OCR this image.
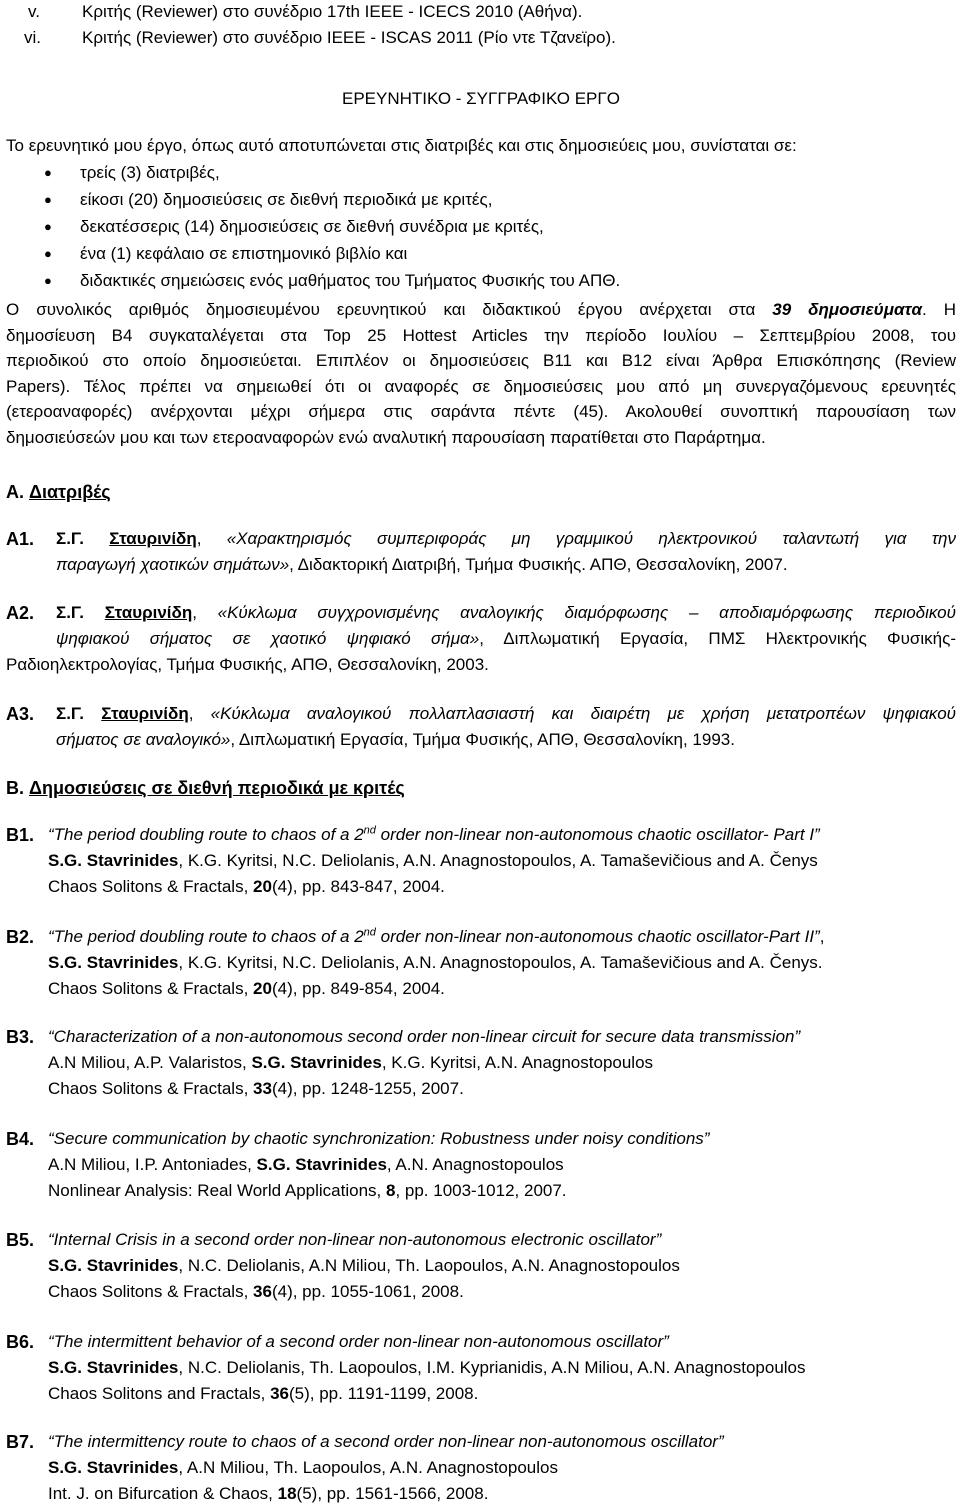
v.	Κριτής (Reviewer) στο συνέδριο 17th IEEE - ICECS 2010 (Αθήνα).
vi.	Κριτής (Reviewer) στο συνέδριο IEEE - ISCAS 2011 (Ρίο ντε Τζανεϊρο).
ΕΡΕΥΝΗΤΙΚΟ - ΣΥΓΓΡΑΦΙΚΟ ΕΡΓΟ
Το ερευνητικό μου έργο, όπως αυτό αποτυπώνεται στις διατριβές και στις δημοσιεύεις μου, συνίσταται σε:
● τρείς (3) διατριβές,
● είκοσι (20) δημοσιεύσεις σε διεθνή περιοδικά με κριτές,
● δεκατέσσερις (14) δημοσιεύσεις σε διεθνή συνέδρια με κριτές,
● ένα (1) κεφάλαιο σε επιστημονικό βιβλίο και
● διδακτικές σημειώσεις ενός μαθήματος του Τμήματος Φυσικής του ΑΠΘ.
Ο συνολικός αριθμός δημοσιευμένου ερευνητικού και διδακτικού έργου ανέρχεται στα 39 δημοσιεύματα. Η
δημοσίευση Β4 συγκαταλέγεται στα Top 25 Hottest Articles την περίοδο Ιουλίου – Σεπτεμβρίου 2008, του
περιοδικού στο οποίο δημοσιεύεται. Επιπλέον οι δημοσιεύσεις Β11 και Β12 είναι Άρθρα Επισκόπησης (Review
Papers). Τέλος πρέπει να σημειωθεί ότι οι αναφορές σε δημοσιεύσεις μου από μη συνεργαζόμενους ερευνητές
(ετεροαναφορές) ανέρχονται μέχρι σήμερα στις σαράντα πέντε (45). Ακολουθεί συνοπτική παρουσίαση των
δημοσιεύσεών μου και των ετεροαναφορών ενώ αναλυτική παρουσίαση παρατίθεται στο Παράρτημα.
Α. Διατριβές
Α1. Σ.Γ. Σταυρινίδη, «Χαρακτηρισμός συμπεριφοράς μη γραμμικού ηλεκτρονικού ταλαντωτή για την
παραγωγή χαοτικών σημάτων», Διδακτορική Διατριβή, Τμήμα Φυσικής. ΑΠΘ, Θεσσαλονίκη, 2007.
Α2. Σ.Γ. Σταυρινίδη, «Κύκλωμα συγχρονισμένης αναλογικής διαμόρφωσης – αποδιαμόρφωσης περιοδικού
ψηφιακού σήματος σε χαοτικό ψηφιακό σήμα», Διπλωματική Εργασία, ΠΜΣ Ηλεκτρονικής Φυσικής-
Ραδιοηλεκτρολογίας, Τμήμα Φυσικής, ΑΠΘ, Θεσσαλονίκη, 2003.
Α3. Σ.Γ. Σταυρινίδη, «Κύκλωμα αναλογικού πολλαπλασιαστή και διαιρέτη με χρήση μετατροπέων ψηφιακού
σήματος σε αναλογικό», Διπλωματική Εργασία, Τμήμα Φυσικής, ΑΠΘ, Θεσσαλονίκη, 1993.
Β. Δημοσιεύσεις σε διεθνή περιοδικά με κριτές
Β1. “The period doubling route to chaos of a 2nd order non-linear non-autonomous chaotic oscillator- Part I”
S.G. Stavrinides, K.G. Kyritsi, N.C. Deliolanis, A.N. Anagnostopoulos, A. Tamaševičious and A. Čenys
Chaos Solitons & Fractals, 20(4), pp. 843-847, 2004.
Β2. “The period doubling route to chaos of a 2nd order non-linear non-autonomous chaotic oscillator-Part II”,
S.G. Stavrinides, K.G. Kyritsi, N.C. Deliolanis, A.N. Anagnostopoulos, A. Tamaševičious and A. Čenys.
Chaos Solitons & Fractals, 20(4), pp. 849-854, 2004.
Β3. “Characterization of a non-autonomous second order non-linear circuit for secure data transmission”
A.N Miliou, A.P. Valaristos, S.G. Stavrinides, K.G. Kyritsi, A.N. Anagnostopoulos
Chaos Solitons & Fractals, 33(4), pp. 1248-1255, 2007.
Β4. “Secure communication by chaotic synchronization: Robustness under noisy conditions”
A.N Miliou, I.P. Antoniades, S.G. Stavrinides, A.N. Anagnostopoulos
Nonlinear Analysis: Real World Applications, 8, pp. 1003-1012, 2007.
Β5. “Internal Crisis in a second order non-linear non-autonomous electronic oscillator”
S.G. Stavrinides, N.C. Deliolanis, A.N Miliou, Th. Laopoulos, A.N. Anagnostopoulos
Chaos Solitons & Fractals, 36(4), pp. 1055-1061, 2008.
Β6. “The intermittent behavior of a second order non-linear non-autonomous oscillator”
S.G. Stavrinides, N.C. Deliolanis, Th. Laopoulos, I.M. Kyprianidis, A.N Miliou, A.N. Anagnostopoulos
Chaos Solitons and Fractals, 36(5), pp. 1191-1199, 2008.
Β7. “The intermittency route to chaos of a second order non-linear non-autonomous oscillator”
S.G. Stavrinides, A.N Miliou, Th. Laopoulos, A.N. Anagnostopoulos
Int. J. on Bifurcation & Chaos, 18(5), pp. 1561-1566, 2008.
